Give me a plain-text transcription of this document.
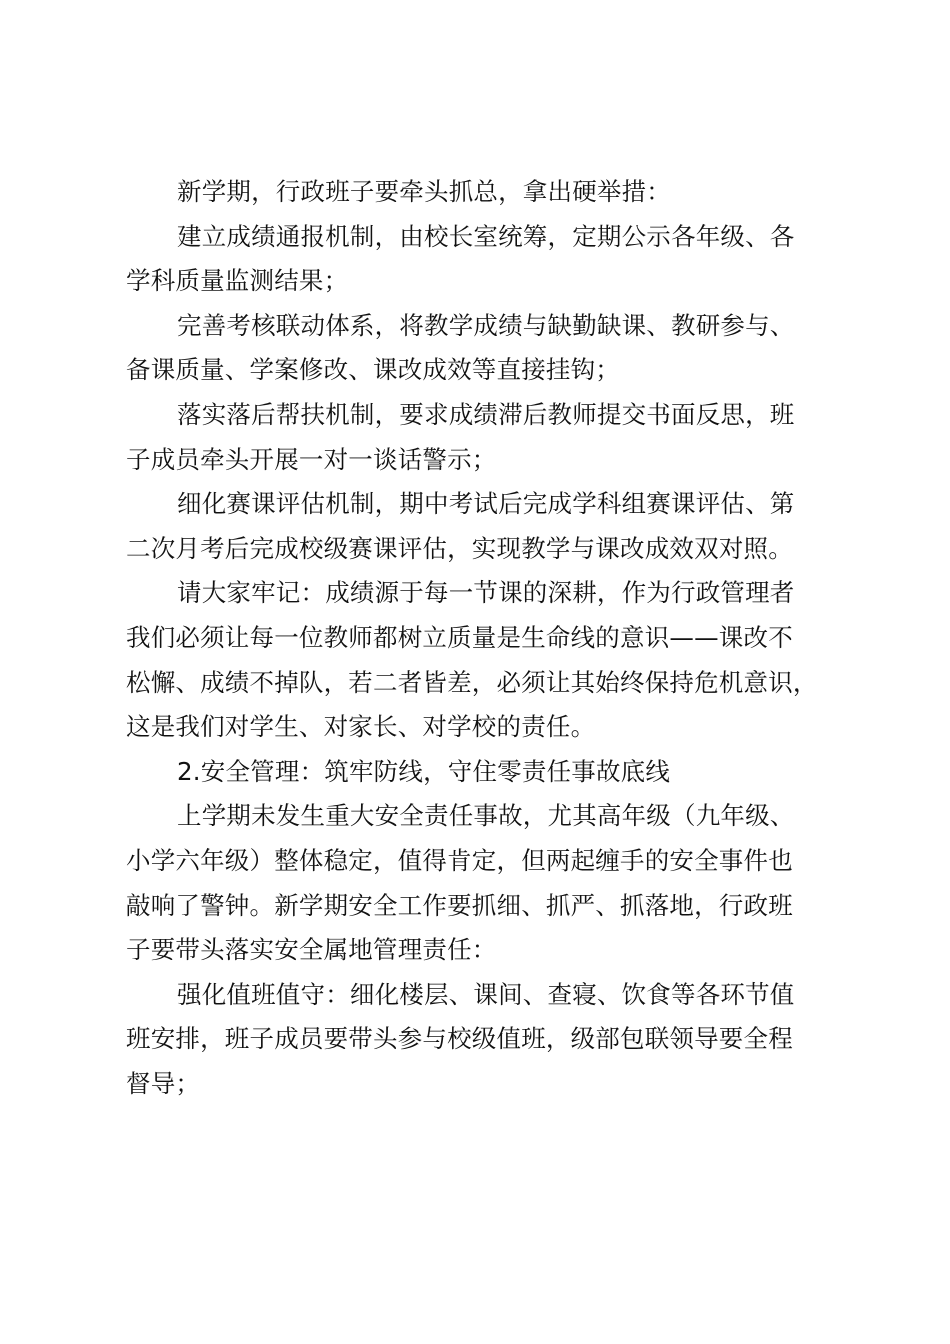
新学期，行政班子要牵头抓总，拿出硬举措：

建立成绩通报机制，由校长室统筹，定期公示各年级、各
学科质量监测结果；

完善考核联动体系，将教学成绩与缺勤缺课、教研参与、
备课质量、学案修改、课改成效等直接挂钩；

落实落后帮扶机制，要求成绩滞后教师提交书面反思，班
子成员牵头开展一对一谈话警示；

细化赛课评估机制，期中考试后完成学科组赛课评估、第
二次月考后完成校级赛课评估，实现教学与课改成效双对照。

请大家牢记：成绩源于每一节课的深耕，作为行政管理者
我们必须让每一位教师都树立质量是生命线的意识——课改不
松懈、成绩不掉队，若二者皆差，必须让其始终保持危机意识，
这是我们对学生、对家长、对学校的责任。

2.安全管理：筑牢防线，守住零责任事故底线

上学期未发生重大安全责任事故，尤其高年级（九年级、
小学六年级）整体稳定，值得肯定，但两起缠手的安全事件也
敲响了警钟。新学期安全工作要抓细、抓严、抓落地，行政班
子要带头落实安全属地管理责任：

强化值班值守：细化楼层、课间、查寝、饮食等各环节值
班安排，班子成员要带头参与校级值班，级部包联领导要全程
督导；
